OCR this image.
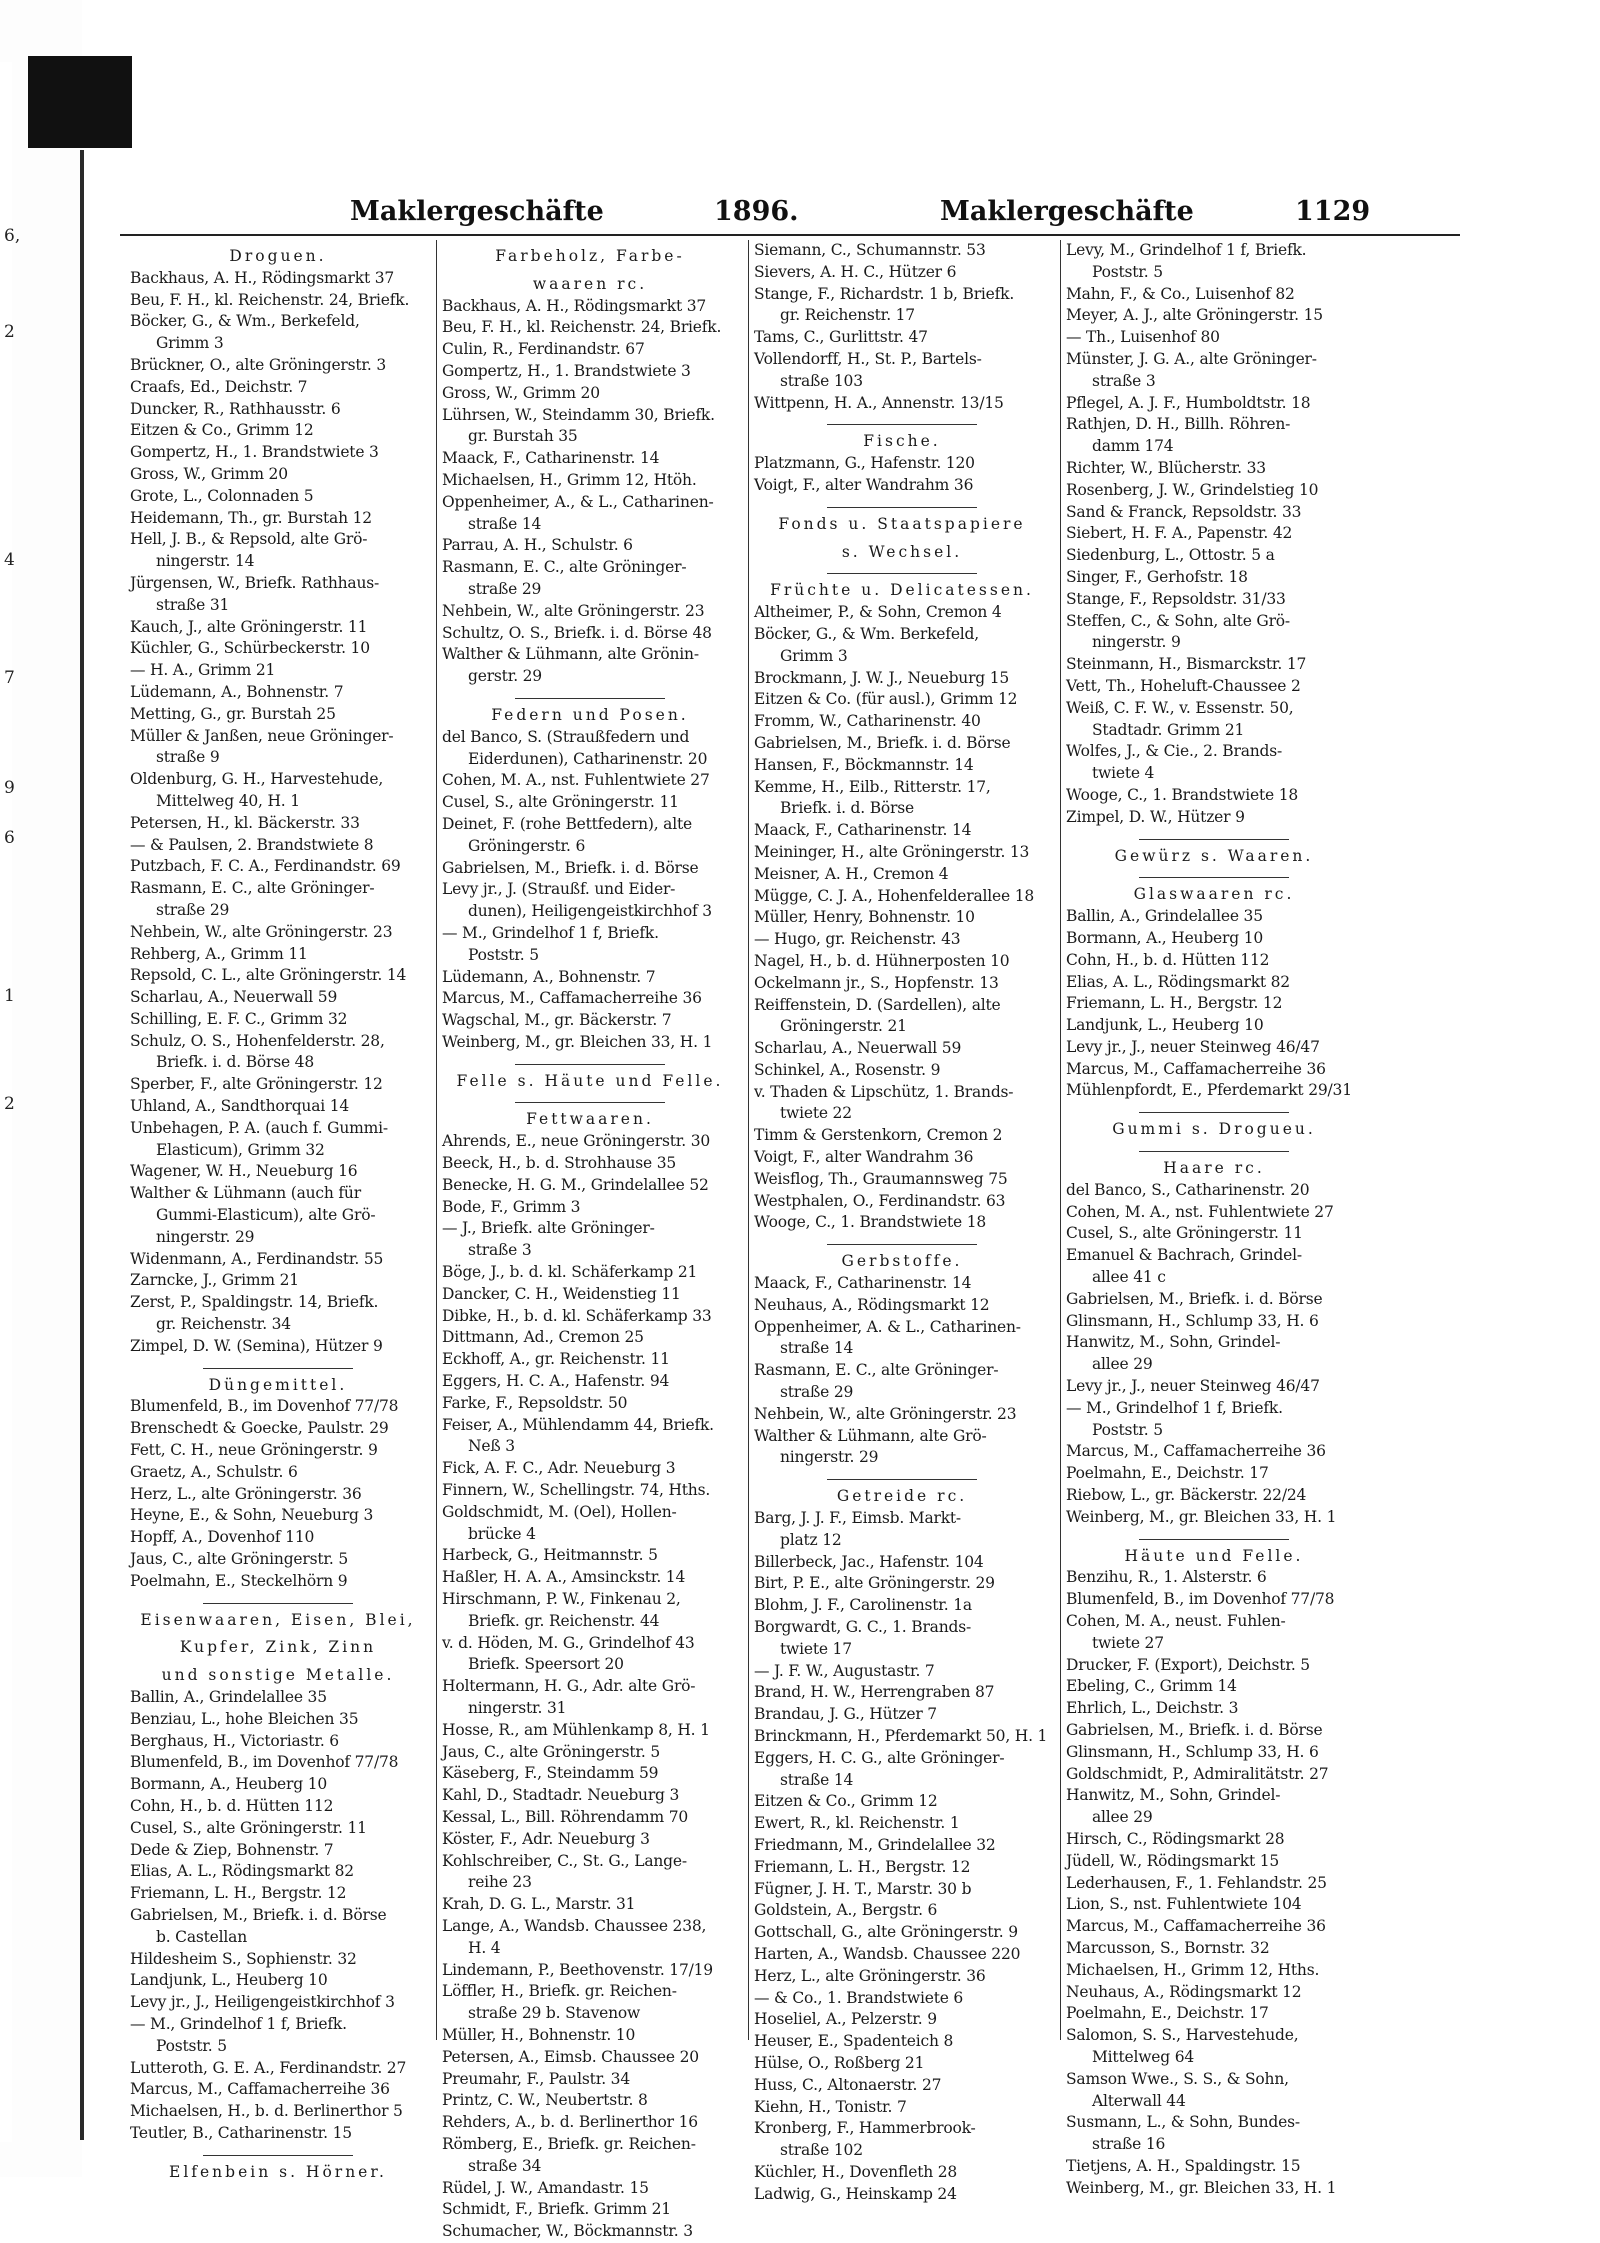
6,
2
4
7
9
6
1
2
Maklergeschäfte	1896.	Maklergeschäfte	1129
Droguen.
Backhaus, A. H., Rödingsmarkt 37
Beu, F. H., kl. Reichenstr. 24, Briefk.
Böcker, G., & Wm., Berkefeld,
Grimm 3
Brückner, O., alte Gröningerstr. 3
Craafs, Ed., Deichstr. 7
Duncker, R., Rathhausstr. 6
Eitzen & Co., Grimm 12
Gompertz, H., 1. Brandstwiete 3
Gross, W., Grimm 20
Grote, L., Colonnaden 5
Heidemann, Th., gr. Burstah 12
Hell, J. B., & Repsold, alte Grö-
ningerstr. 14
Jürgensen, W., Briefk. Rathhaus-
straße 31
Kauch, J., alte Gröningerstr. 11
Küchler, G., Schürbeckerstr. 10
— H. A., Grimm 21
Lüdemann, A., Bohnenstr. 7
Metting, G., gr. Burstah 25
Müller & Janßen, neue Gröninger-
straße 9
Oldenburg, G. H., Harvestehude,
Mittelweg 40, H. 1
Petersen, H., kl. Bäckerstr. 33
— & Paulsen, 2. Brandstwiete 8
Putzbach, F. C. A., Ferdinandstr. 69
Rasmann, E. C., alte Gröninger-
straße 29
Nehbein, W., alte Gröningerstr. 23
Rehberg, A., Grimm 11
Repsold, C. L., alte Gröningerstr. 14
Scharlau, A., Neuerwall 59
Schilling, E. F. C., Grimm 32
Schulz, O. S., Hohenfelderstr. 28,
Briefk. i. d. Börse 48
Sperber, F., alte Gröningerstr. 12
Uhland, A., Sandthorquai 14
Unbehagen, P. A. (auch f. Gummi-
Elasticum), Grimm 32
Wagener, W. H., Neueburg 16
Walther & Lühmann (auch für
Gummi-Elasticum), alte Grö-
ningerstr. 29
Widenmann, A., Ferdinandstr. 55
Zarncke, J., Grimm 21
Zerst, P., Spaldingstr. 14, Briefk.
gr. Reichenstr. 34
Zimpel, D. W. (Semina), Hützer 9
Düngemittel.
Blumenfeld, B., im Dovenhof 77/78
Brenschedt & Goecke, Paulstr. 29
Fett, C. H., neue Gröningerstr. 9
Graetz, A., Schulstr. 6
Herz, L., alte Gröningerstr. 36
Heyne, E., & Sohn, Neueburg 3
Hopff, A., Dovenhof 110
Jaus, C., alte Gröningerstr. 5
Poelmahn, E., Steckelhörn 9
Eisenwaaren, Eisen, Blei,
Kupfer, Zink, Zinn
und sonstige Metalle.
Ballin, A., Grindelallee 35
Benziau, L., hohe Bleichen 35
Berghaus, H., Victoriastr. 6
Blumenfeld, B., im Dovenhof 77/78
Bormann, A., Heuberg 10
Cohn, H., b. d. Hütten 112
Cusel, S., alte Gröningerstr. 11
Dede & Ziep, Bohnenstr. 7
Elias, A. L., Rödingsmarkt 82
Friemann, L. H., Bergstr. 12
Gabrielsen, M., Briefk. i. d. Börse
b. Castellan
Hildesheim S., Sophienstr. 32
Landjunk, L., Heuberg 10
Levy jr., J., Heiligengeistkirchhof 3
— M., Grindelhof 1 f, Briefk.
Poststr. 5
Lutteroth, G. E. A., Ferdinandstr. 27
Marcus, M., Caffamacherreihe 36
Michaelsen, H., b. d. Berlinerthor 5
Teutler, B., Catharinenstr. 15
Elfenbein s. Hörner.
Farbeholz, Farbe-
waaren rc.
Backhaus, A. H., Rödingsmarkt 37
Beu, F. H., kl. Reichenstr. 24, Briefk.
Culin, R., Ferdinandstr. 67
Gompertz, H., 1. Brandstwiete 3
Gross, W., Grimm 20
Lührsen, W., Steindamm 30, Briefk.
gr. Burstah 35
Maack, F., Catharinenstr. 14
Michaelsen, H., Grimm 12, Htöh.
Oppenheimer, A., & L., Catharinen-
straße 14
Parrau, A. H., Schulstr. 6
Rasmann, E. C., alte Gröninger-
straße 29
Nehbein, W., alte Gröningerstr. 23
Schultz, O. S., Briefk. i. d. Börse 48
Walther & Lühmann, alte Grönin-
gerstr. 29
Federn und Posen.
del Banco, S. (Straußfedern und
Eiderdunen), Catharinenstr. 20
Cohen, M. A., nst. Fuhlentwiete 27
Cusel, S., alte Gröningerstr. 11
Deinet, F. (rohe Bettfedern), alte
Gröningerstr. 6
Gabrielsen, M., Briefk. i. d. Börse
Levy jr., J. (Straußf. und Eider-
dunen), Heiligengeistkirchhof 3
— M., Grindelhof 1 f, Briefk.
Poststr. 5
Lüdemann, A., Bohnenstr. 7
Marcus, M., Caffamacherreihe 36
Wagschal, M., gr. Bäckerstr. 7
Weinberg, M., gr. Bleichen 33, H. 1
Felle s. Häute und Felle.
Fettwaaren.
Ahrends, E., neue Gröningerstr. 30
Beeck, H., b. d. Strohhause 35
Benecke, H. G. M., Grindelallee 52
Bode, F., Grimm 3
— J., Briefk. alte Gröninger-
straße 3
Böge, J., b. d. kl. Schäferkamp 21
Dancker, C. H., Weidenstieg 11
Dibke, H., b. d. kl. Schäferkamp 33
Dittmann, Ad., Cremon 25
Eckhoff, A., gr. Reichenstr. 11
Eggers, H. C. A., Hafenstr. 94
Farke, F., Repsoldstr. 50
Feiser, A., Mühlendamm 44, Briefk.
Neß 3
Fick, A. F. C., Adr. Neueburg 3
Finnern, W., Schellingstr. 74, Hths.
Goldschmidt, M. (Oel), Hollen-
brücke 4
Harbeck, G., Heitmannstr. 5
Haßler, H. A. A., Amsinckstr. 14
Hirschmann, P. W., Finkenau 2,
Briefk. gr. Reichenstr. 44
v. d. Höden, M. G., Grindelhof 43
Briefk. Speersort 20
Holtermann, H. G., Adr. alte Grö-
ningerstr. 31
Hosse, R., am Mühlenkamp 8, H. 1
Jaus, C., alte Gröningerstr. 5
Käseberg, F., Steindamm 59
Kahl, D., Stadtadr. Neueburg 3
Kessal, L., Bill. Röhrendamm 70
Köster, F., Adr. Neueburg 3
Kohlschreiber, C., St. G., Lange-
reihe 23
Krah, D. G. L., Marstr. 31
Lange, A., Wandsb. Chaussee 238,
H. 4
Lindemann, P., Beethovenstr. 17/19
Löffler, H., Briefk. gr. Reichen-
straße 29 b. Stavenow
Müller, H., Bohnenstr. 10
Petersen, A., Eimsb. Chaussee 20
Preumahr, F., Paulstr. 34
Printz, C. W., Neubertstr. 8
Rehders, A., b. d. Berlinerthor 16
Römberg, E., Briefk. gr. Reichen-
straße 34
Rüdel, J. W., Amandastr. 15
Schmidt, F., Briefk. Grimm 21
Schumacher, W., Böckmannstr. 3
Siemann, C., Schumannstr. 53
Sievers, A. H. C., Hützer 6
Stange, F., Richardstr. 1 b, Briefk.
gr. Reichenstr. 17
Tams, C., Gurlittstr. 47
Vollendorff, H., St. P., Bartels-
straße 103
Wittpenn, H. A., Annenstr. 13/15
Fische.
Platzmann, G., Hafenstr. 120
Voigt, F., alter Wandrahm 36
Fonds u. Staatspapiere
s. Wechsel.
Früchte u. Delicatessen.
Altheimer, P., & Sohn, Cremon 4
Böcker, G., & Wm. Berkefeld,
Grimm 3
Brockmann, J. W. J., Neueburg 15
Eitzen & Co. (für ausl.), Grimm 12
Fromm, W., Catharinenstr. 40
Gabrielsen, M., Briefk. i. d. Börse
Hansen, F., Böckmannstr. 14
Kemme, H., Eilb., Ritterstr. 17,
Briefk. i. d. Börse
Maack, F., Catharinenstr. 14
Meininger, H., alte Gröningerstr. 13
Meisner, A. H., Cremon 4
Mügge, C. J. A., Hohenfelderallee 18
Müller, Henry, Bohnenstr. 10
— Hugo, gr. Reichenstr. 43
Nagel, H., b. d. Hühnerposten 10
Ockelmann jr., S., Hopfenstr. 13
Reiffenstein, D. (Sardellen), alte
Gröningerstr. 21
Scharlau, A., Neuerwall 59
Schinkel, A., Rosenstr. 9
v. Thaden & Lipschütz, 1. Brands-
twiete 22
Timm & Gerstenkorn, Cremon 2
Voigt, F., alter Wandrahm 36
Weisflog, Th., Graumannsweg 75
Westphalen, O., Ferdinandstr. 63
Wooge, C., 1. Brandstwiete 18
Gerbstoffe.
Maack, F., Catharinenstr. 14
Neuhaus, A., Rödingsmarkt 12
Oppenheimer, A. & L., Catharinen-
straße 14
Rasmann, E. C., alte Gröninger-
straße 29
Nehbein, W., alte Gröningerstr. 23
Walther & Lühmann, alte Grö-
ningerstr. 29
Getreide rc.
Barg, J. J. F., Eimsb. Markt-
platz 12
Billerbeck, Jac., Hafenstr. 104
Birt, P. E., alte Gröningerstr. 29
Blohm, J. F., Carolinenstr. 1a
Borgwardt, G. C., 1. Brands-
twiete 17
— J. F. W., Augustastr. 7
Brand, H. W., Herrengraben 87
Brandau, J. G., Hützer 7
Brinckmann, H., Pferdemarkt 50, H. 1
Eggers, H. C. G., alte Gröninger-
straße 14
Eitzen & Co., Grimm 12
Ewert, R., kl. Reichenstr. 1
Friedmann, M., Grindelallee 32
Friemann, L. H., Bergstr. 12
Fügner, J. H. T., Marstr. 30 b
Goldstein, A., Bergstr. 6
Gottschall, G., alte Gröningerstr. 9
Harten, A., Wandsb. Chaussee 220
Herz, L., alte Gröningerstr. 36
— & Co., 1. Brandstwiete 6
Hoseliel, A., Pelzerstr. 9
Heuser, E., Spadenteich 8
Hülse, O., Roßberg 21
Huss, C., Altonaerstr. 27
Kiehn, H., Tonistr. 7
Kronberg, F., Hammerbrook-
straße 102
Küchler, H., Dovenfleth 28
Ladwig, G., Heinskamp 24
Levy, M., Grindelhof 1 f, Briefk.
Poststr. 5
Mahn, F., & Co., Luisenhof 82
Meyer, A. J., alte Gröningerstr. 15
— Th., Luisenhof 80
Münster, J. G. A., alte Gröninger-
straße 3
Pflegel, A. J. F., Humboldtstr. 18
Rathjen, D. H., Billh. Röhren-
damm 174
Richter, W., Blücherstr. 33
Rosenberg, J. W., Grindelstieg 10
Sand & Franck, Repsoldstr. 33
Siebert, H. F. A., Papenstr. 42
Siedenburg, L., Ottostr. 5 a
Singer, F., Gerhofstr. 18
Stange, F., Repsoldstr. 31/33
Steffen, C., & Sohn, alte Grö-
ningerstr. 9
Steinmann, H., Bismarckstr. 17
Vett, Th., Hoheluft-Chaussee 2
Weiß, C. F. W., v. Essenstr. 50,
Stadtadr. Grimm 21
Wolfes, J., & Cie., 2. Brands-
twiete 4
Wooge, C., 1. Brandstwiete 18
Zimpel, D. W., Hützer 9
Gewürz s. Waaren.
Glaswaaren rc.
Ballin, A., Grindelallee 35
Bormann, A., Heuberg 10
Cohn, H., b. d. Hütten 112
Elias, A. L., Rödingsmarkt 82
Friemann, L. H., Bergstr. 12
Landjunk, L., Heuberg 10
Levy jr., J., neuer Steinweg 46/47
Marcus, M., Caffamacherreihe 36
Mühlenpfordt, E., Pferdemarkt 29/31
Gummi s. Drogueu.
Haare rc.
del Banco, S., Catharinenstr. 20
Cohen, M. A., nst. Fuhlentwiete 27
Cusel, S., alte Gröningerstr. 11
Emanuel & Bachrach, Grindel-
allee 41 c
Gabrielsen, M., Briefk. i. d. Börse
Glinsmann, H., Schlump 33, H. 6
Hanwitz, M., Sohn, Grindel-
allee 29
Levy jr., J., neuer Steinweg 46/47
— M., Grindelhof 1 f, Briefk.
Poststr. 5
Marcus, M., Caffamacherreihe 36
Poelmahn, E., Deichstr. 17
Riebow, L., gr. Bäckerstr. 22/24
Weinberg, M., gr. Bleichen 33, H. 1
Häute und Felle.
Benzihu, R., 1. Alsterstr. 6
Blumenfeld, B., im Dovenhof 77/78
Cohen, M. A., neust. Fuhlen-
twiete 27
Drucker, F. (Export), Deichstr. 5
Ebeling, C., Grimm 14
Ehrlich, L., Deichstr. 3
Gabrielsen, M., Briefk. i. d. Börse
Glinsmann, H., Schlump 33, H. 6
Goldschmidt, P., Admiralitätstr. 27
Hanwitz, M., Sohn, Grindel-
allee 29
Hirsch, C., Rödingsmarkt 28
Jüdell, W., Rödingsmarkt 15
Lederhausen, F., 1. Fehlandstr. 25
Lion, S., nst. Fuhlentwiete 104
Marcus, M., Caffamacherreihe 36
Marcusson, S., Bornstr. 32
Michaelsen, H., Grimm 12, Hths.
Neuhaus, A., Rödingsmarkt 12
Poelmahn, E., Deichstr. 17
Salomon, S. S., Harvestehude,
Mittelweg 64
Samson Wwe., S. S., & Sohn,
Alterwall 44
Susmann, L., & Sohn, Bundes-
straße 16
Tietjens, A. H., Spaldingstr. 15
Weinberg, M., gr. Bleichen 33, H. 1
